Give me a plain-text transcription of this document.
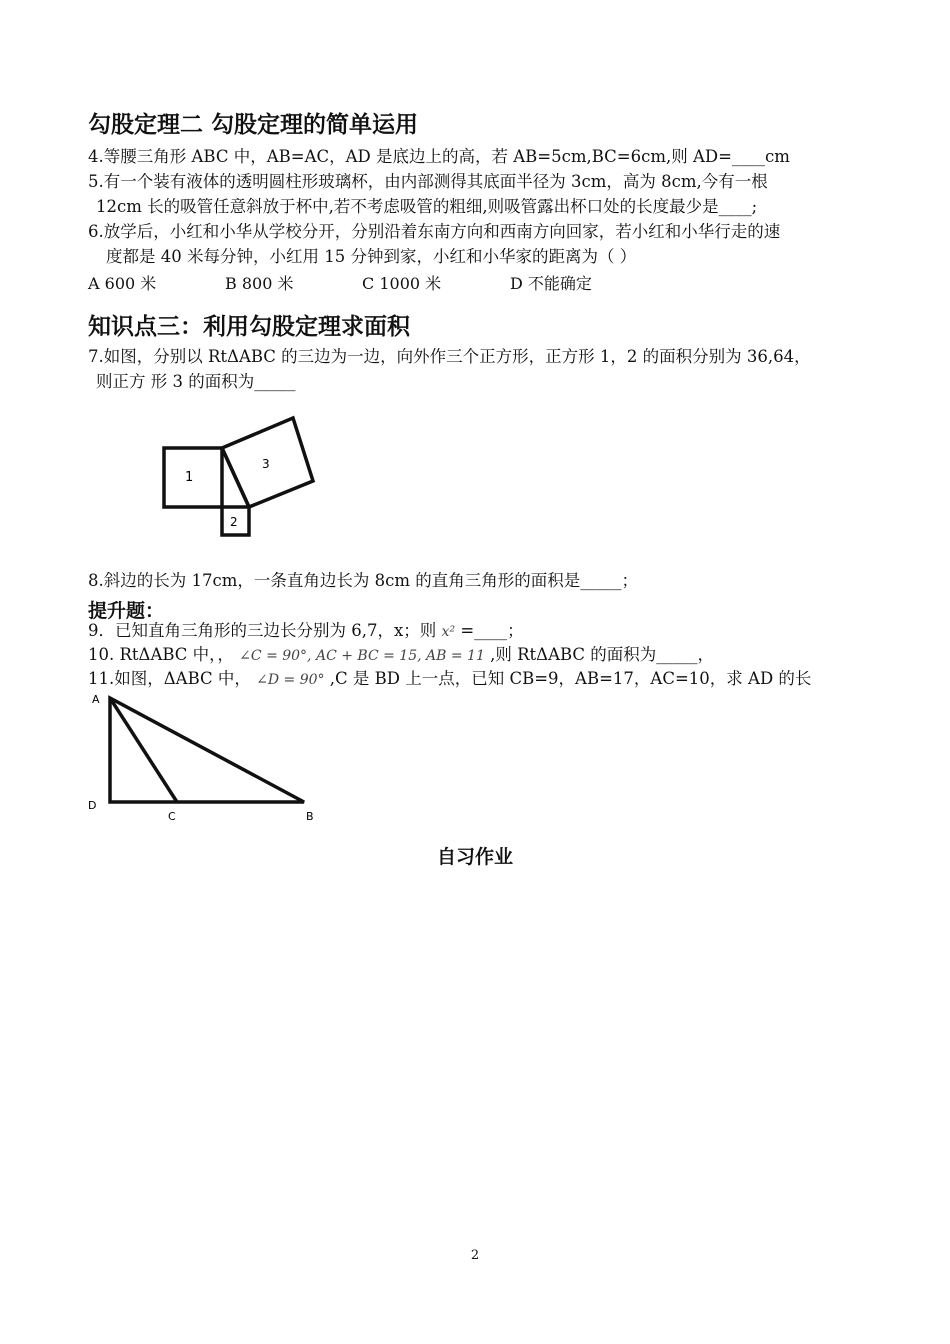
勾股定理二 勾股定理的简单运用
4.等腰三角形 ABC 中，AB=AC，AD 是底边上的高，若 AB=5cm,BC=6cm,则 AD=____cm
5.有一个装有液体的透明圆柱形玻璃杯，由内部测得其底面半径为 3cm，高为 8cm,今有一根
12cm 长的吸管任意斜放于杯中,若不考虑吸管的粗细,则吸管露出杯口处的长度最少是____;
6.放学后，小红和小华从学校分开，分别沿着东南方向和西南方向回家，若小红和小华行走的速
度都是 40 米每分钟，小红用 15 分钟到家，小红和小华家的距离为（ ）
A 600 米	B 800 米	C 1000 米	D 不能确定
知识点三：利用勾股定理求面积
7.如图，分别以 RtΔABC 的三边为一边，向外作三个正方形，正方形 1，2 的面积分别为 36,64，
则正方 形 3 的面积为_____
1
2
3
8.斜边的长为 17cm，一条直角边长为 8cm 的直角三角形的面积是_____；
提升题：
9．已知直角三角形的三边长分别为 6,7，x；则 x² =____；
10. RtΔABC 中，， ∠C = 90°, AC + BC = 15, AB = 11 ,则 RtΔABC 的面积为_____，
11.如图，ΔABC 中， ∠D = 90° ,C 是 BD 上一点，已知 CB=9，AB=17，AC=10，求 AD 的长
A
D
C	B
自习作业
2
